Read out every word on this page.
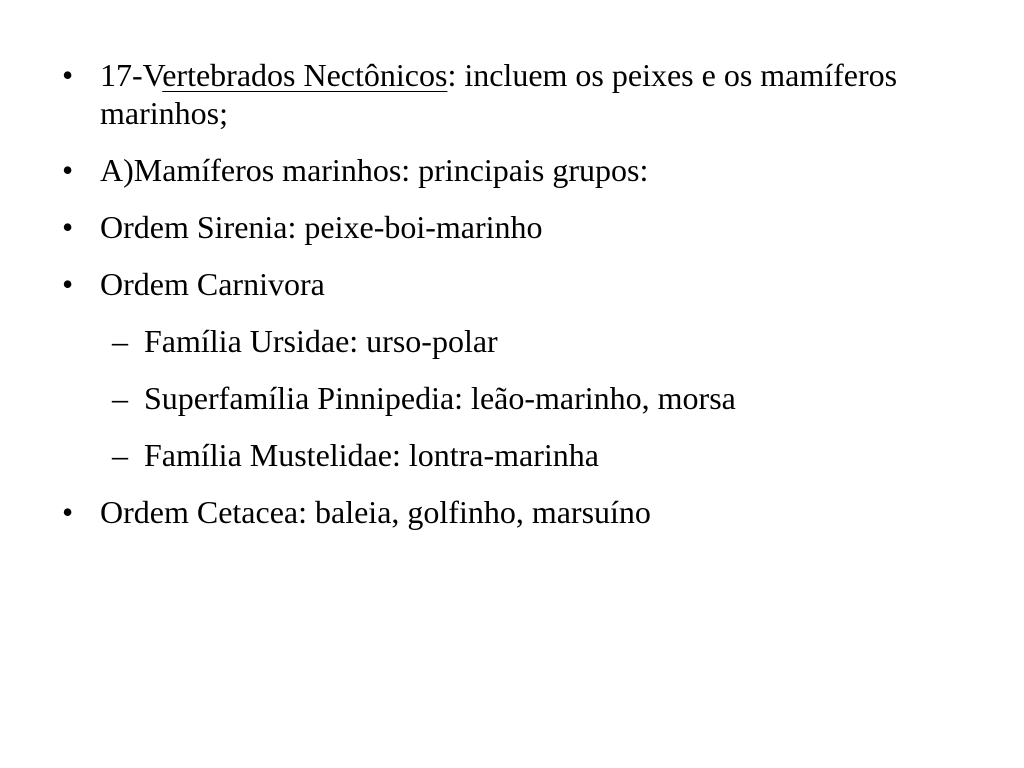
• 17-Vertebrados Nectônicos: incluem os peixes e os mamíferos marinhos;
• A)Mamíferos marinhos: principais grupos:
• Ordem Sirenia: peixe-boi-marinho
• Ordem Carnivora
– Família Ursidae: urso-polar
– Superfamília Pinnipedia: leão-marinho, morsa
– Família Mustelidae: lontra-marinha
• Ordem Cetacea: baleia, golfinho, marsuíno
